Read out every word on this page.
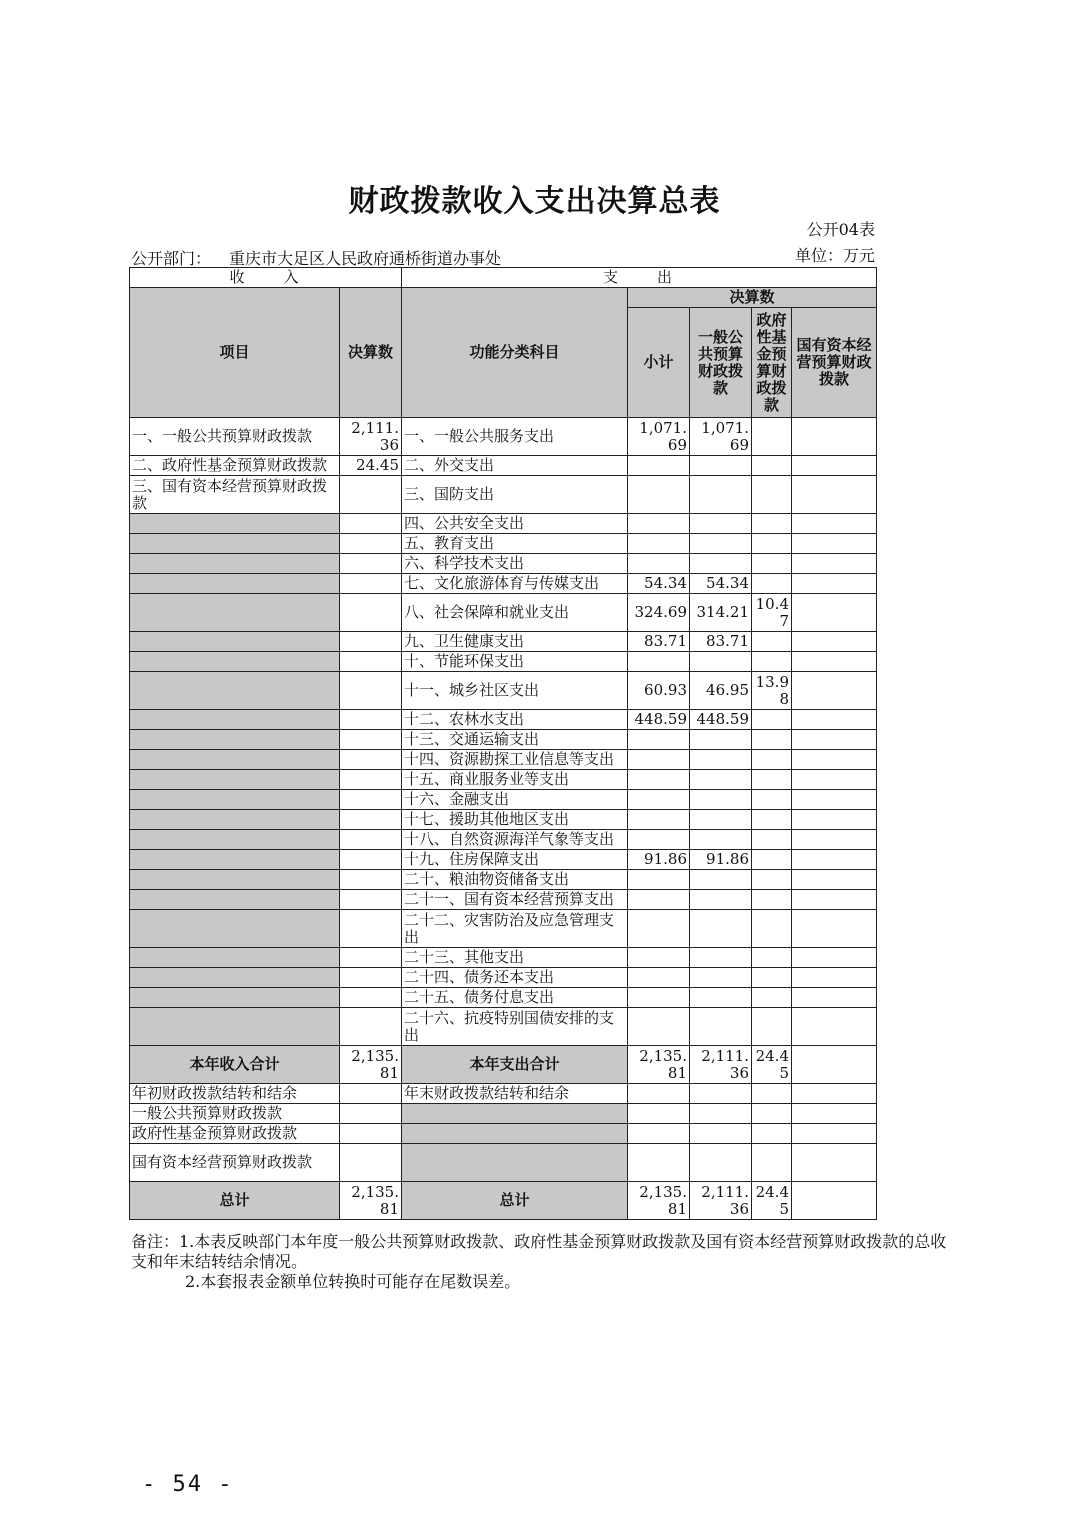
财政拨款收入支出决算总表
公开04表
单位：万元
公开部门： 重庆市大足区人民政府通桥街道办事处
收　　入		支　　出				
项目	决算数	功能分类科目	决算数			
			小计	一般公共预算财政拨款	政府性基金预算财政拨款	国有资本经营预算财政拨款
一、一般公共预算财政拨款	2,111.36	一、一般公共服务支出	1,071.69	1,071.69		
二、政府性基金预算财政拨款	24.45	二、外交支出				
三、国有资本经营预算财政拨款		三、国防支出				
		四、公共安全支出				
		五、教育支出				
		六、科学技术支出				
		七、文化旅游体育与传媒支出	54.34	54.34		
		八、社会保障和就业支出	324.69	314.21	10.47	
		九、卫生健康支出	83.71	83.71		
		十、节能环保支出				
		十一、城乡社区支出	60.93	46.95	13.98	
		十二、农林水支出	448.59	448.59		
		十三、交通运输支出				
		十四、资源勘探工业信息等支出				
		十五、商业服务业等支出				
		十六、金融支出				
		十七、援助其他地区支出				
		十八、自然资源海洋气象等支出				
		十九、住房保障支出	91.86	91.86		
		二十、粮油物资储备支出				
		二十一、国有资本经营预算支出				
		二十二、灾害防治及应急管理支出				
		二十三、其他支出				
		二十四、债务还本支出				
		二十五、债务付息支出				
		二十六、抗疫特别国债安排的支出				
本年收入合计	2,135.81	本年支出合计	2,135.81	2,111.36	24.45	
年初财政拨款结转和结余		年末财政拨款结转和结余				
一般公共预算财政拨款						
政府性基金预算财政拨款						
国有资本经营预算财政拨款						
总计	2,135.81	总计	2,135.81	2,111.36	24.45	
备注：1.本表反映部门本年度一般公共预算财政拨款、政府性基金预算财政拨款及国有资本经营预算财政拨款的总收支和年末结转结余情况。
2.本套报表金额单位转换时可能存在尾数误差。
- 54 -
